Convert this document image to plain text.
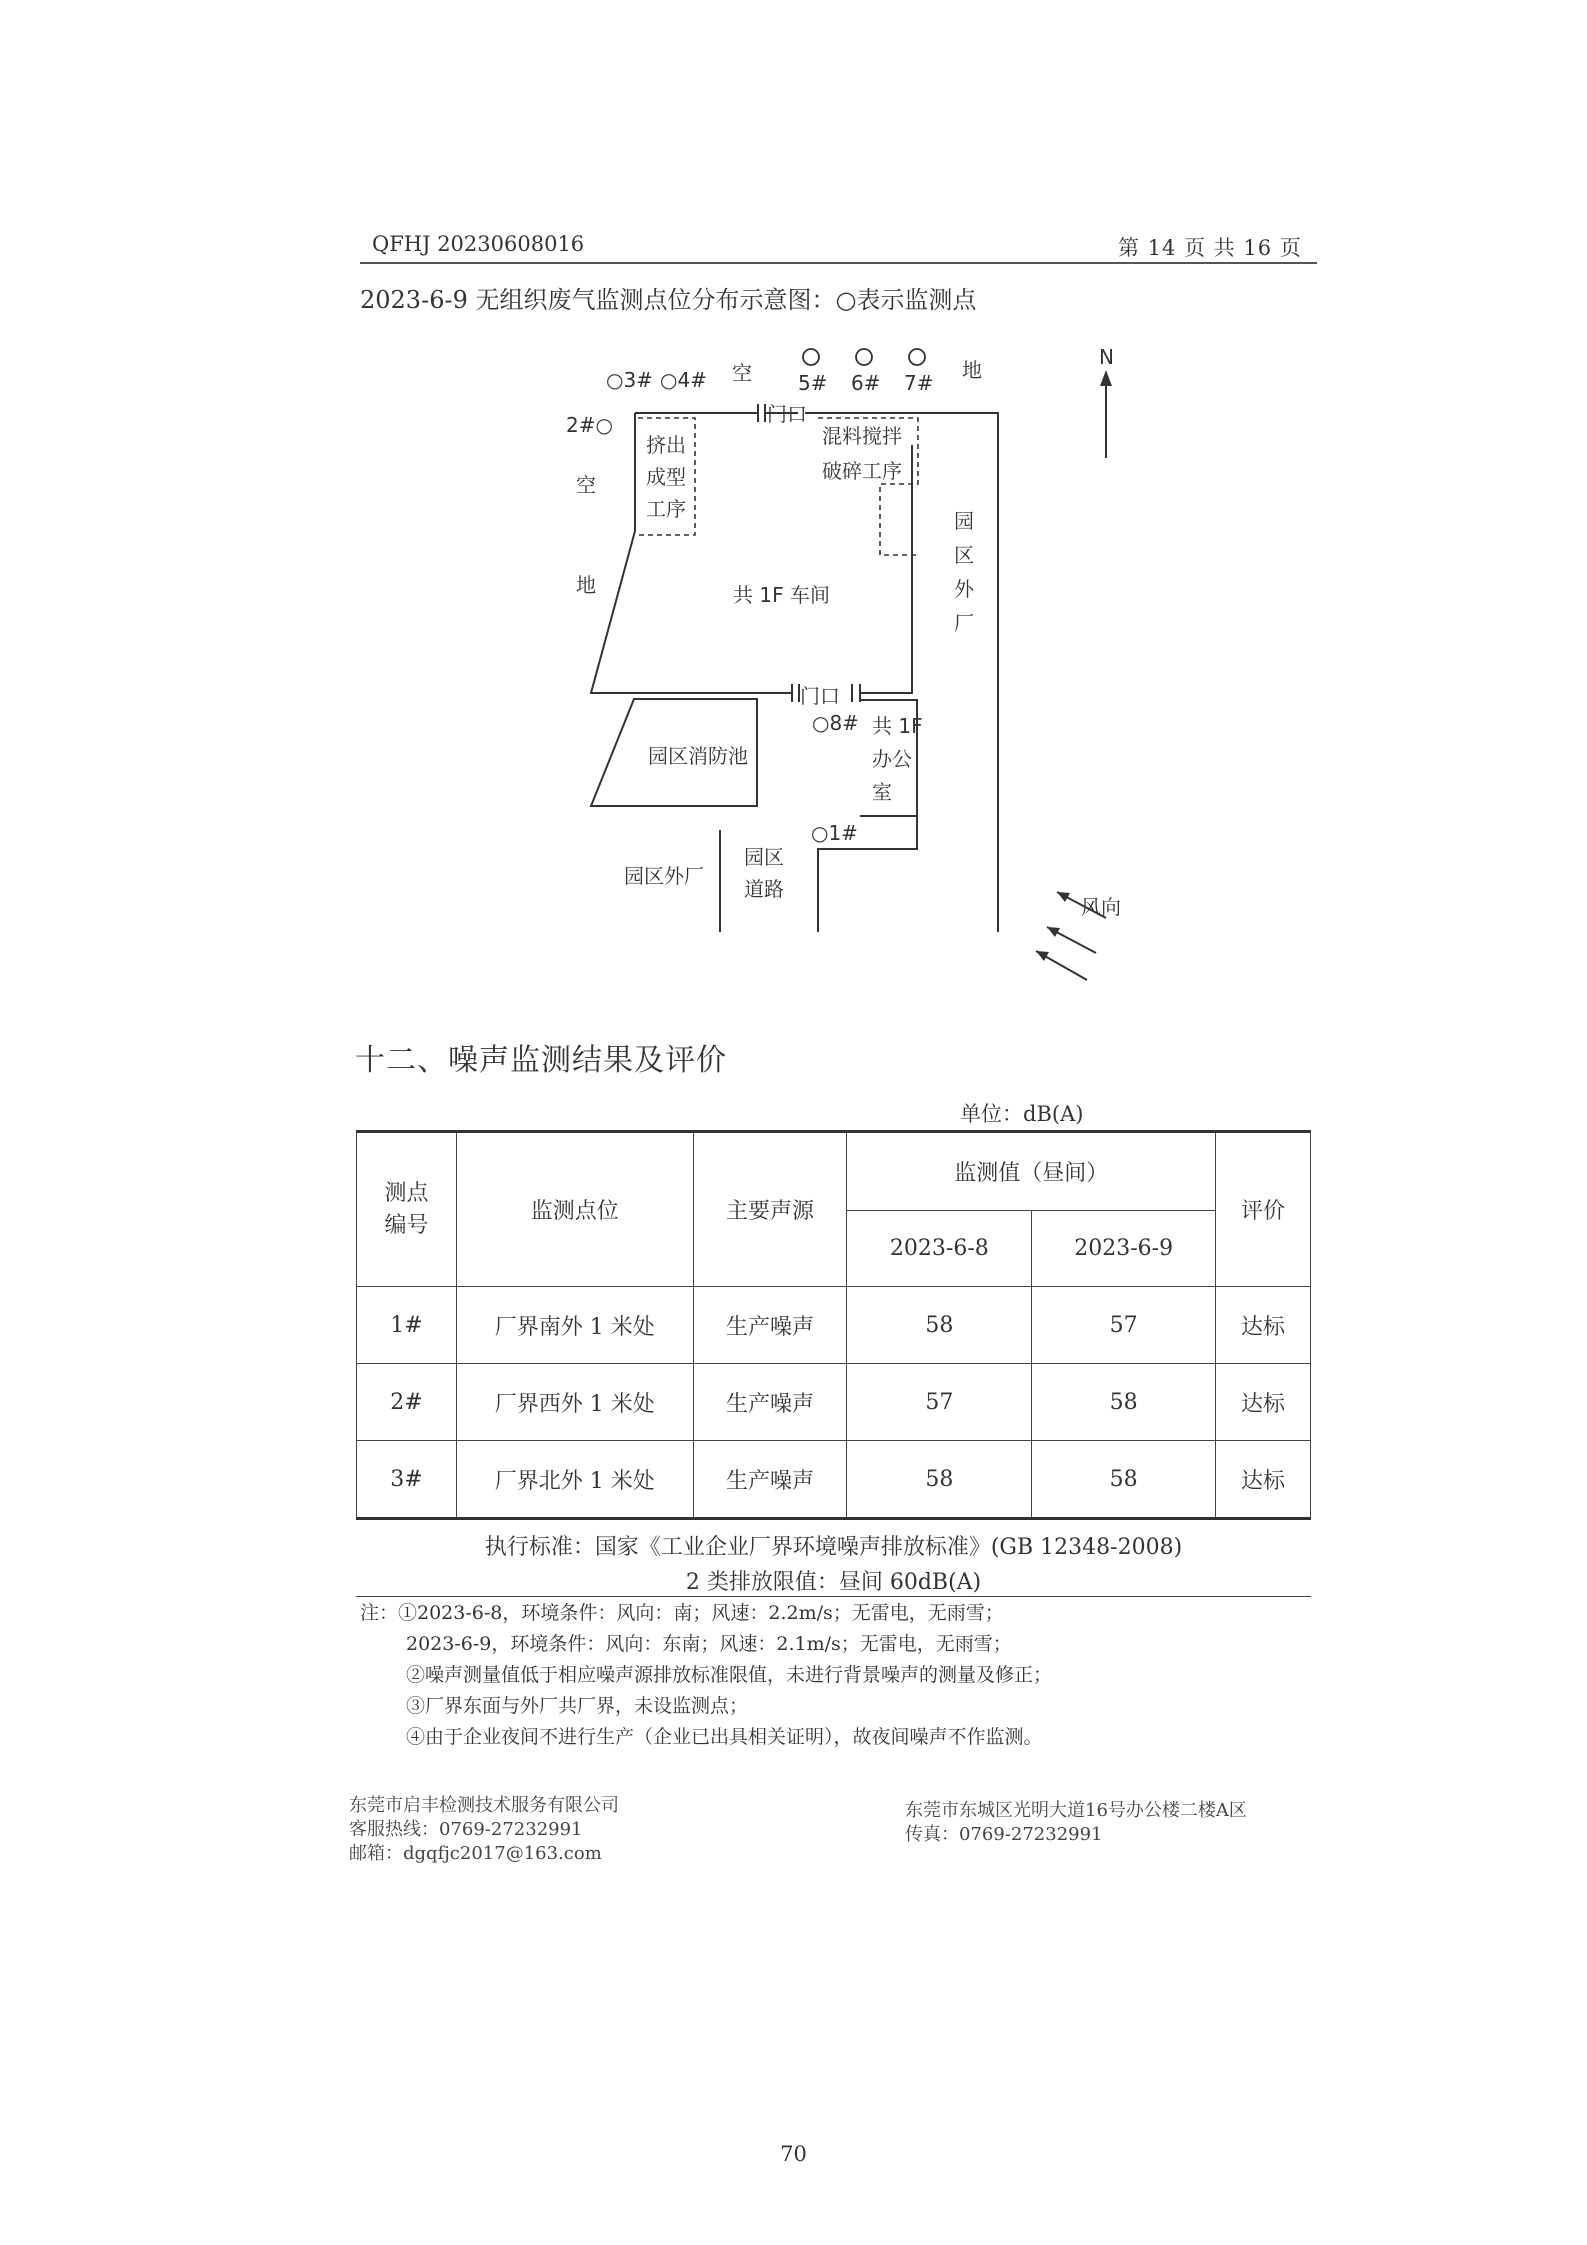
QFHJ 20230608016	第 14 页 共 16 页
2023-6-9 无组织废气监测点位分布示意图：○表示监测点
○3# ○4# 空 5# 6# 7#
地
2#○
空
地
门口
门口
挤出
成型
工序
混料搅拌
破碎工序
共 1F 车间
园
区
外
厂
○8# 共 1F
办公
室
园区消防池
○1#
园区外厂
园区
道路
N
风向
十二、噪声监测结果及评价
单位：dB(A)
测点
编号	监测点位	主要声源	监测值（昼间）		评价
			2023-6-8	2023-6-9	
1#	厂界南外 1 米处	生产噪声	58	57	达标
2#	厂界西外 1 米处	生产噪声	57	58	达标
3#	厂界北外 1 米处	生产噪声	58	58	达标
执行标准：国家《工业企业厂界环境噪声排放标准》(GB 12348-2008)
2 类排放限值：昼间 60dB(A)
注：①2023-6-8，环境条件：风向：南；风速：2.2m/s；无雷电，无雨雪；
2023-6-9，环境条件：风向：东南；风速：2.1m/s；无雷电，无雨雪；
②噪声测量值低于相应噪声源排放标准限值，未进行背景噪声的测量及修正；
③厂界东面与外厂共厂界，未设监测点；
④由于企业夜间不进行生产（企业已出具相关证明），故夜间噪声不作监测。
东莞市启丰检测技术服务有限公司
客服热线：0769-27232991
邮箱：dgqfjc2017@163.com
东莞市东城区光明大道16号办公楼二楼A区
传真：0769-27232991
70
